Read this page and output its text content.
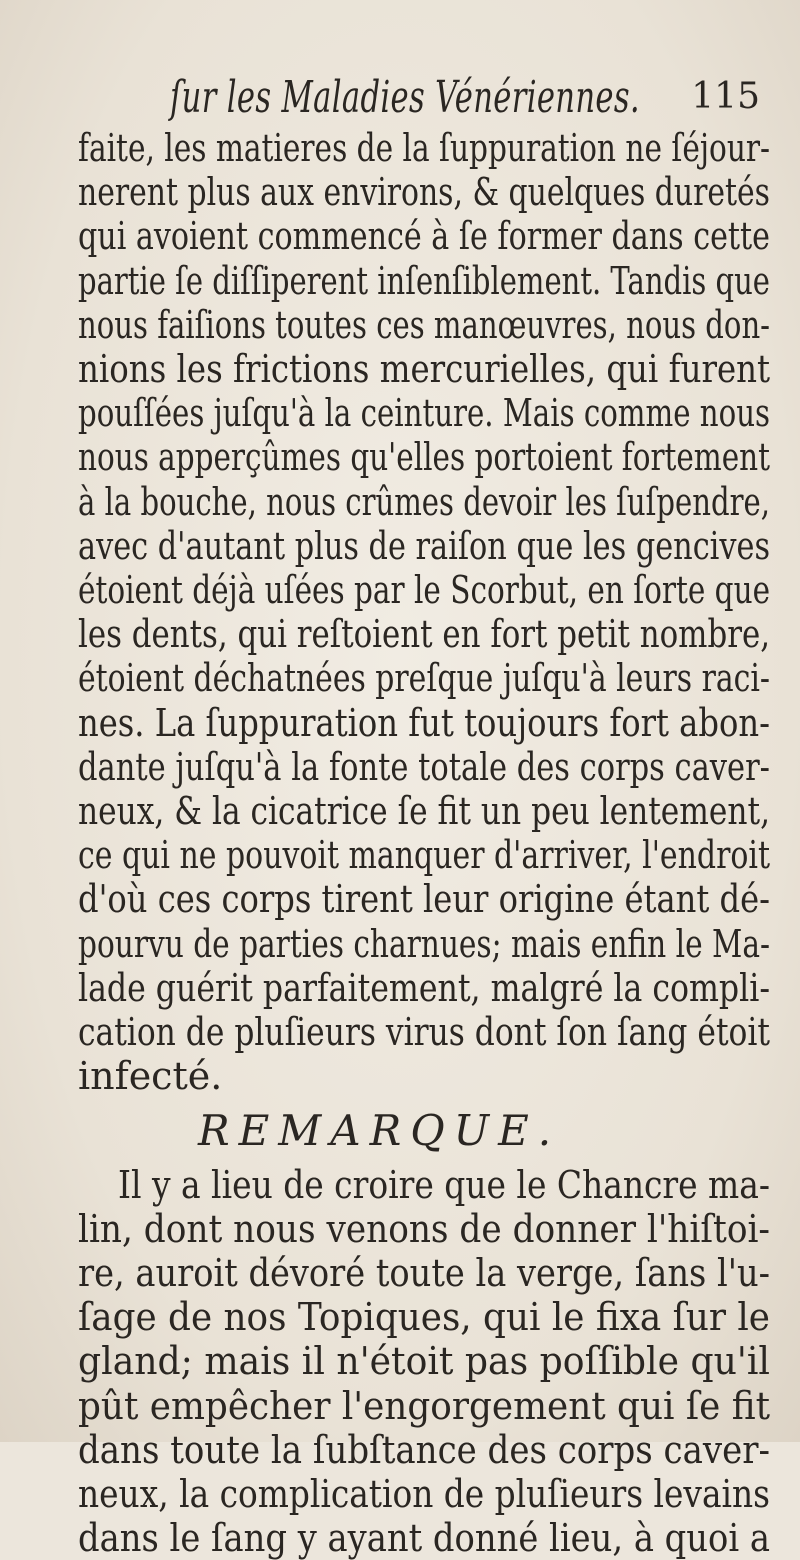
ſur les Maladies Vénériennes. 115
faite, les matieres de la ſuppuration ne ſéjour-
nerent plus aux environs, & quelques duretés
qui avoient commencé à ſe former dans cette
partie ſe diſſiperent inſenſiblement. Tandis que
nous faiſions toutes ces manœuvres, nous don-
nions les frictions mercurielles, qui furent
pouſſées juſqu'à la ceinture. Mais comme nous
nous apperçûmes qu'elles portoient fortement
à la bouche, nous crûmes devoir les ſuſpendre,
avec d'autant plus de raiſon que les gencives
étoient déjà uſées par le Scorbut, en ſorte que
les dents, qui reſtoient en fort petit nombre,
étoient déchatnées preſque juſqu'à leurs raci-
nes. La ſuppuration fut toujours fort abon-
dante juſqu'à la fonte totale des corps caver-
neux, & la cicatrice ſe fit un peu lentement,
ce qui ne pouvoit manquer d'arriver, l'endroit
d'où ces corps tirent leur origine étant dé-
pourvu de parties charnues; mais enfin le Ma-
lade guérit parfaitement, malgré la compli-
cation de pluſieurs virus dont ſon ſang étoit
infecté.
REMARQUE.
Il y a lieu de croire que le Chancre ma-
lin, dont nous venons de donner l'hiſtoi-
re, auroit dévoré toute la verge, ſans l'u-
ſage de nos Topiques, qui le fixa ſur le
gland; mais il n'étoit pas poſſible qu'il
pût empêcher l'engorgement qui ſe fit
dans toute la ſubſtance des corps caver-
neux, la complication de pluſieurs levains
dans le ſang y ayant donné lieu, à quoi a
